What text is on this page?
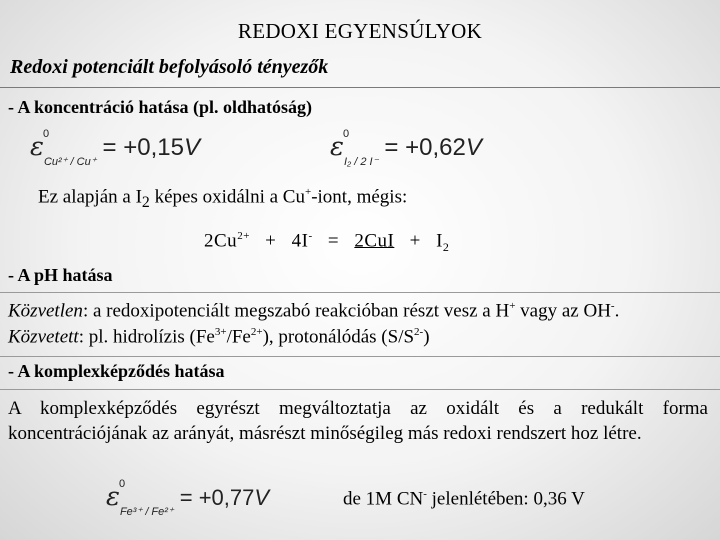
REDOXI EGYENSÚLYOK
Redoxi potenciált befolyásoló tényezők
- A koncentráció hatása (pl. oldhatóság)
ε 0
$_{Cu^{2+} / Cu^+}$= +0,15V	ε 0
$_{I_2 / 2 I^-}$= +0,62V
Ez alapján a $I_2$ képes oxidálni a Cu+-iont, mégis:
$2Cu^{2+} + 4I^- = 2CuI + I_2$
- A pH hatása
Közvetlen: a redoxipotenciált megszabó reakcióban részt vesz a H+ vagy az OH-.
Közvetett: pl. hidrolízis $(Fe^{3+}/Fe^{2+})$, protonálódás $(S/S^{2-})$
- A komplexképződés hatása
A komplexképződés egyrészt megváltoztatja az oxidált és a redukált forma koncentrációjának az arányát, másrészt minőségileg más redoxi rendszert hoz létre.
ε 0
$_{Fe^{3+} / Fe^{2+}}$= +0,77V	de 1M CN- jelenlétében: 0,36 V
